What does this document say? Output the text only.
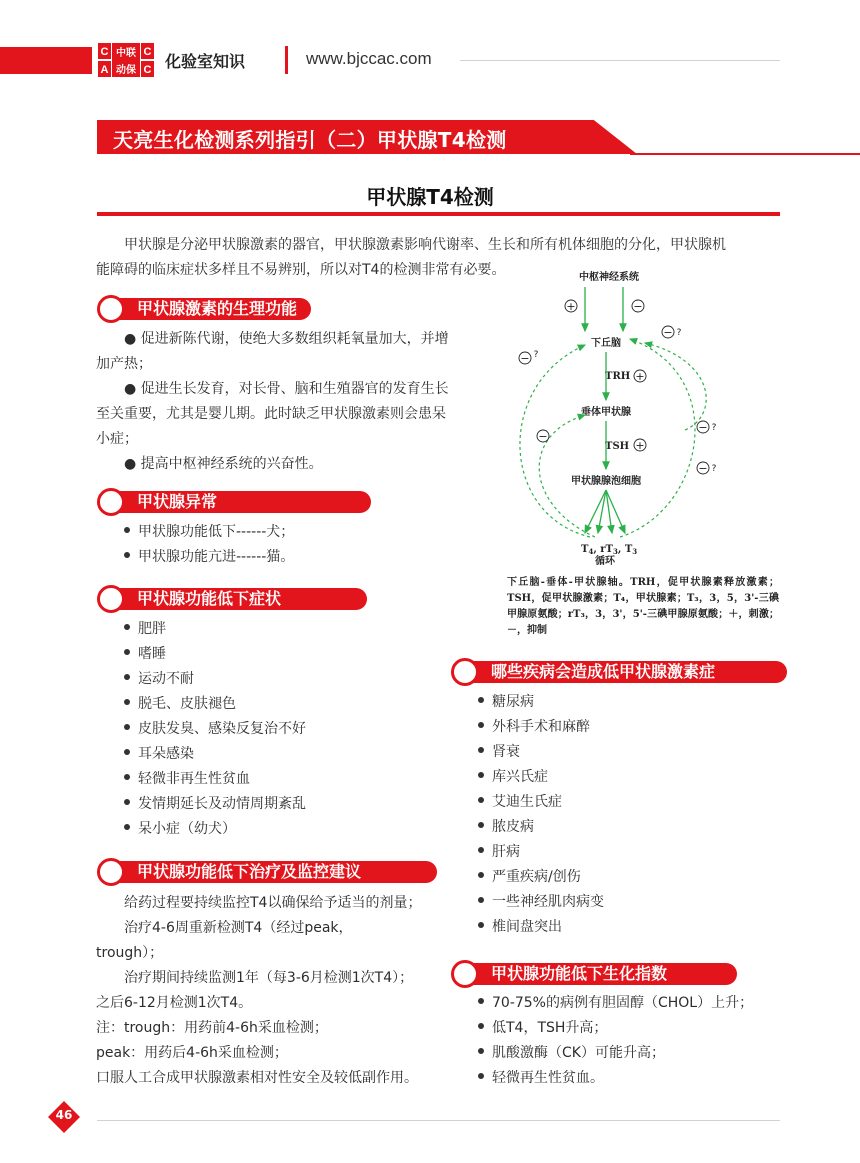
C 中联 C
A 动保 C 化验室知识	www.bjccac.com
天亮生化检测系列指引（二）甲状腺T4检测
甲状腺T4检测
甲状腺是分泌甲状腺激素的器官，甲状腺激素影响代谢率、生长和所有机体细胞的分化，甲状腺机
能障碍的临床症状多样且不易辨别，所以对T4的检测非常有必要。
甲状腺激素的生理功能
● 促进新陈代谢，使绝大多数组织耗氧量加大，并增
加产热；
● 促进生长发育，对长骨、脑和生殖器官的发育生长
至关重要，尤其是婴儿期。此时缺乏甲状腺激素则会患呆
小症；
● 提高中枢神经系统的兴奋性。
甲状腺异常
甲状腺功能低下------犬；
甲状腺功能亢进------猫。
甲状腺功能低下症状
肥胖
嗜睡
运动不耐
脱毛、皮肤褪色
皮肤发臭、感染反复治不好
耳朵感染
轻微非再生性贫血
发情期延长及动情周期紊乱
呆小症（幼犬）
甲状腺功能低下治疗及监控建议
给药过程要持续监控T4以确保给予适当的剂量；
治疗4-6周重新检测T4（经过peak，
trough）；
治疗期间持续监测1年（每3-6月检测1次T4）；
之后6-12月检测1次T4。
注：trough：用药前4-6h采血检测；
peak：用药后4-6h采血检测；
口服人工合成甲状腺激素相对性安全及较低副作用。
中枢神经系统
下丘脑
垂体甲状腺
甲状腺腺泡细胞
TRH
TSH
$T_4$, $rT_3$, $T_3$
循环
+	−
+
+
− ?
−
− ?
− ?
− ?
下丘脑-垂体-甲状腺轴。TRH，促甲状腺素释放激素；TSH，促甲状腺激素；T₄，甲状腺素；T₃，3，5，3'-三碘甲腺原氨酸；rT₃，3，3'，5'-三碘甲腺原氨酸；＋，刺激；－，抑制
哪些疾病会造成低甲状腺激素症
糖尿病
外科手术和麻醉
肾衰
库兴氏症
艾迪生氏症
脓皮病
肝病
严重疾病/创伤
一些神经肌肉病变
椎间盘突出
甲状腺功能低下生化指数
70-75%的病例有胆固醇（CHOL）上升；
低T4，TSH升高；
肌酸激酶（CK）可能升高；
轻微再生性贫血。
46
